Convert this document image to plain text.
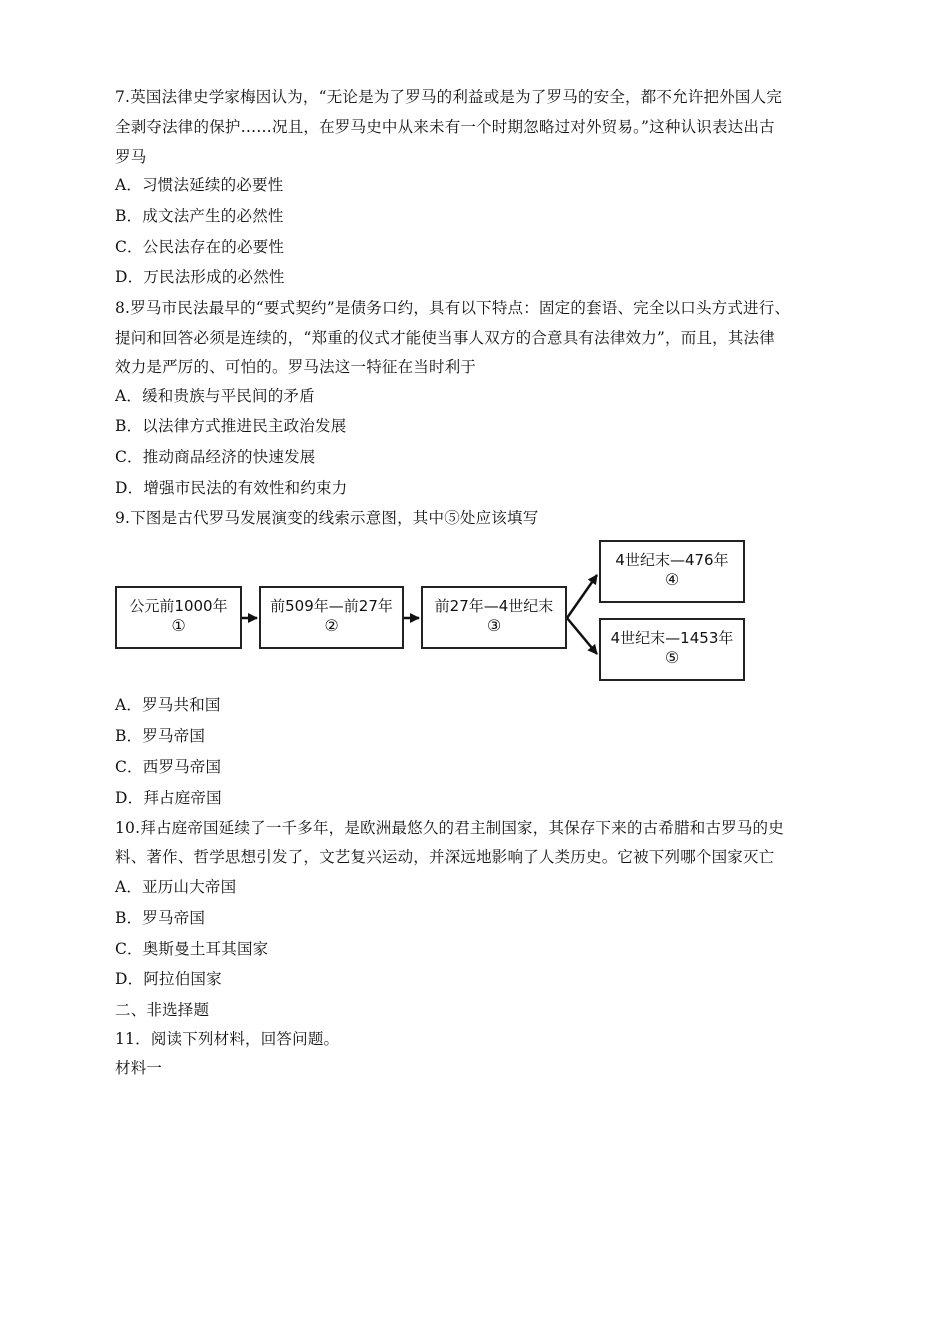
7.英国法律史学家梅因认为，“无论是为了罗马的利益或是为了罗马的安全，都不允许把外国人完
全剥夺法律的保护……况且，在罗马史中从来未有一个时期忽略过对外贸易。”这种认识表达出古
罗马
A．习惯法延续的必要性
B．成文法产生的必然性
C．公民法存在的必要性
D．万民法形成的必然性
8.罗马市民法最早的“要式契约”是债务口约，具有以下特点：固定的套语、完全以口头方式进行、
提问和回答必须是连续的，“郑重的仪式才能使当事人双方的合意具有法律效力”，而且，其法律
效力是严厉的、可怕的。罗马法这一特征在当时利于
A．缓和贵族与平民间的矛盾
B．以法律方式推进民主政治发展
C．推动商品经济的快速发展
D．增强市民法的有效性和约束力
9.下图是古代罗马发展演变的线索示意图，其中⑤处应该填写
公元前1000年
①
前509年—前27年
②
前27年—4世纪末
③
4世纪末—476年
④
4世纪末—1453年
⑤
A．罗马共和国
B．罗马帝国
C．西罗马帝国
D．拜占庭帝国
10.拜占庭帝国延续了一千多年，是欧洲最悠久的君主制国家，其保存下来的古希腊和古罗马的史
料、著作、哲学思想引发了，文艺复兴运动，并深远地影响了人类历史。它被下列哪个国家灭亡
A．亚历山大帝国
B．罗马帝国
C．奥斯曼土耳其国家
D．阿拉伯国家
二、非选择题
11．阅读下列材料，回答问题。
材料一
